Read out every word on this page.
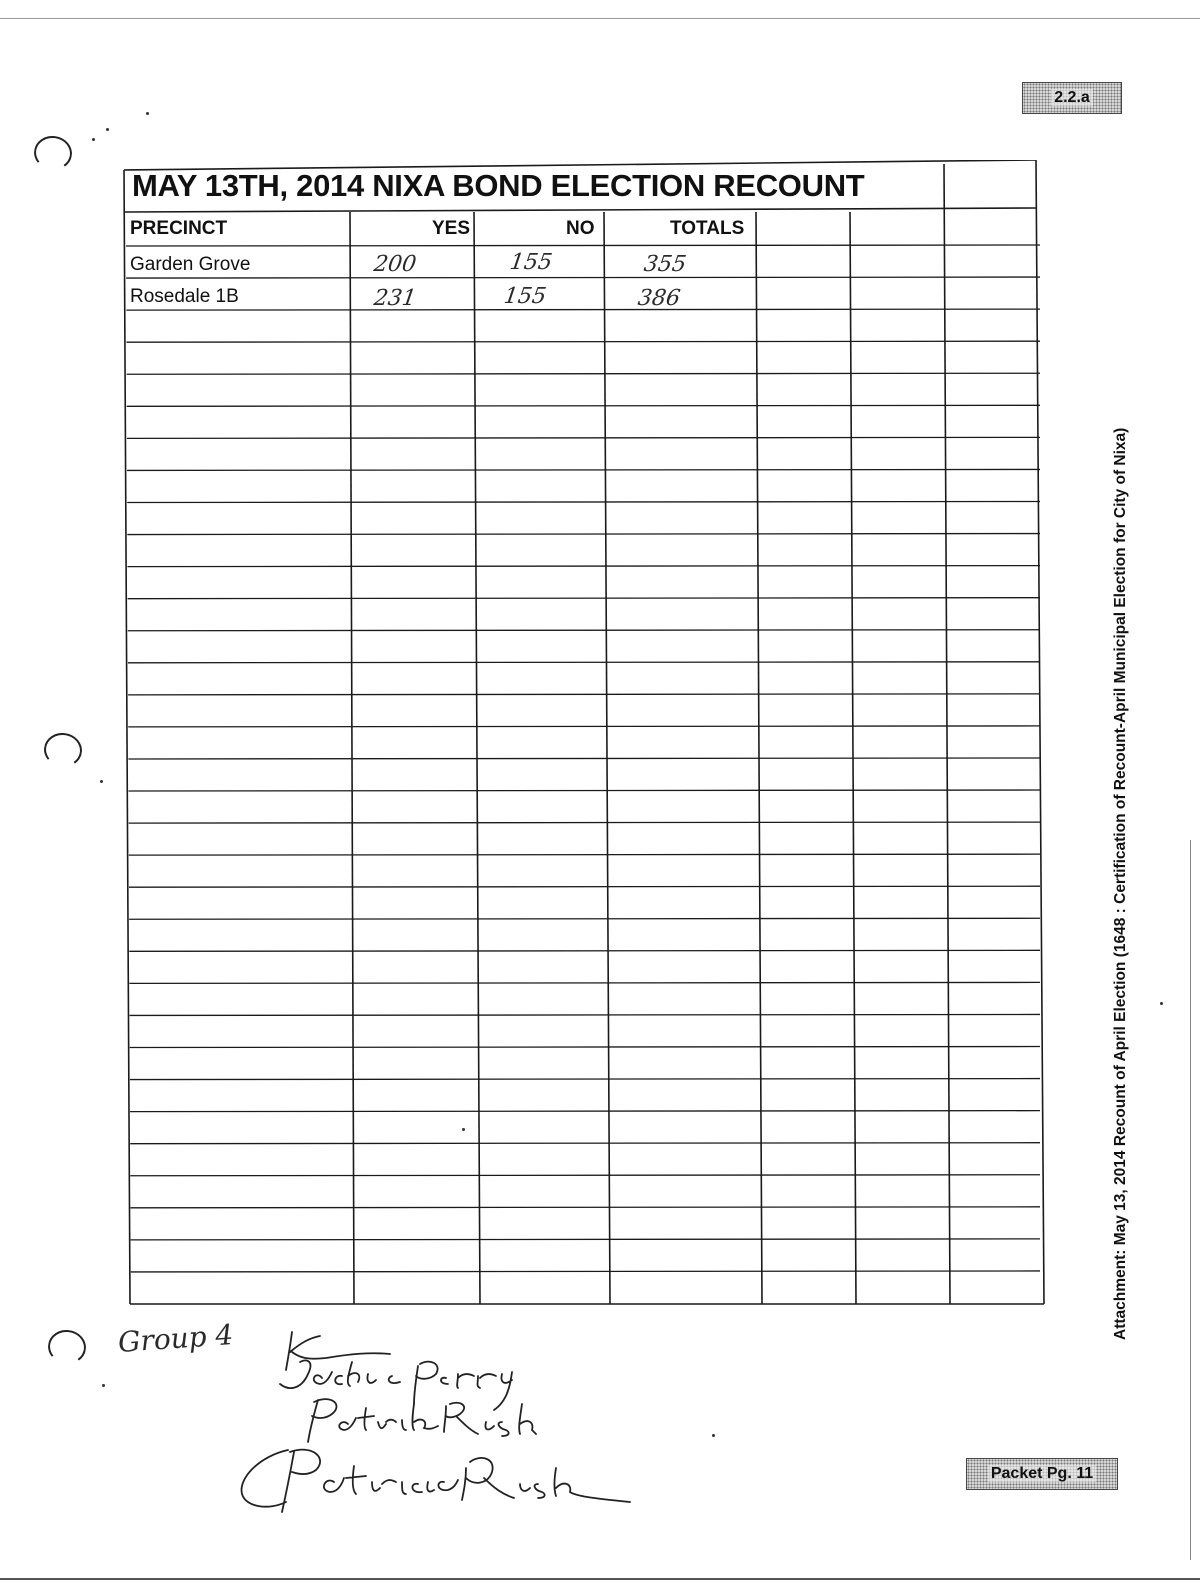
2.2.a
Attachment: May 13, 2014 Recount of April Election (1648 : Certification of Recount-April Municipal Election for City of Nixa)
MAY 13TH, 2014 NIXA BOND ELECTION RECOUNT
PRECINCT	YES	NO	TOTALS
Garden Grove	200	155	355
Rosedale 1B	231	155	386
Group 4
Packet Pg. 11
